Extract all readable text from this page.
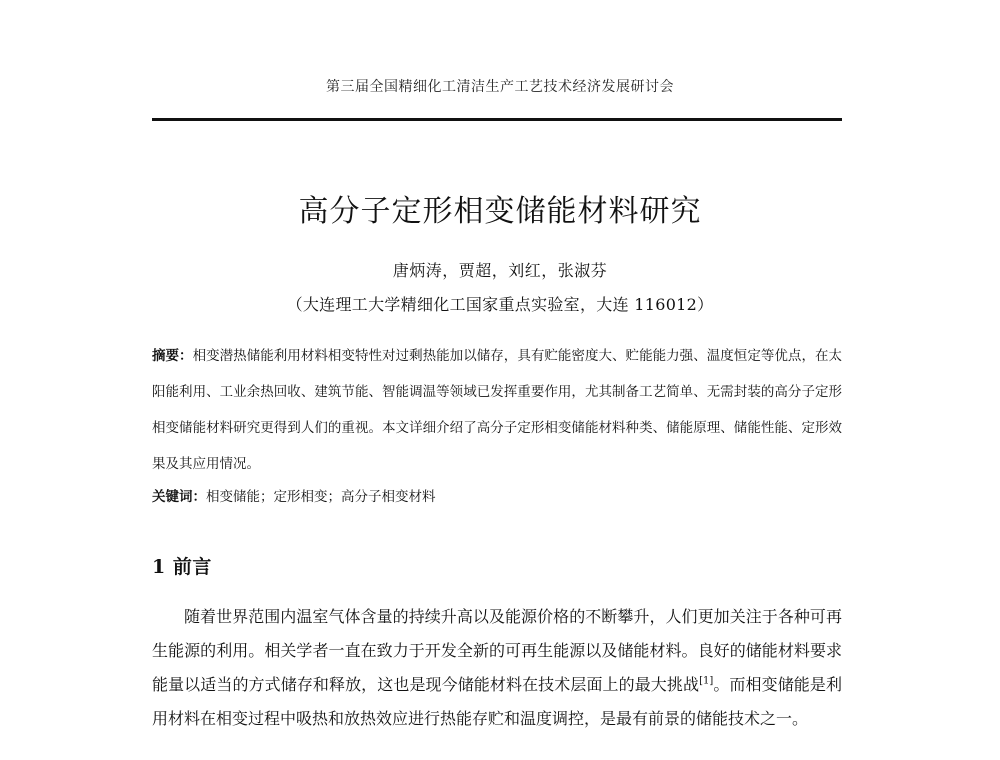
第三届全国精细化工清洁生产工艺技术经济发展研讨会
高分子定形相变储能材料研究
唐炳涛，贾超，刘红，张淑芬
（大连理工大学精细化工国家重点实验室，大连 116012）
摘要：相变潜热储能利用材料相变特性对过剩热能加以储存，具有贮能密度大、贮能能力强、温度恒定等优点，在太阳能利用、工业余热回收、建筑节能、智能调温等领域已发挥重要作用，尤其制备工艺简单、无需封装的高分子定形相变储能材料研究更得到人们的重视。本文详细介绍了高分子定形相变储能材料种类、储能原理、储能性能、定形效果及其应用情况。
关键词：相变储能；定形相变；高分子相变材料
1 前言

随着世界范围内温室气体含量的持续升高以及能源价格的不断攀升，人们更加关注于各种可再生能源的利用。相关学者一直在致力于开发全新的可再生能源以及储能材料。良好的储能材料要求能量以适当的方式储存和释放，这也是现今储能材料在技术层面上的最大挑战[1]。而相变储能是利用材料在相变过程中吸热和放热效应进行热能存贮和温度调控，是最有前景的储能技术之一。
